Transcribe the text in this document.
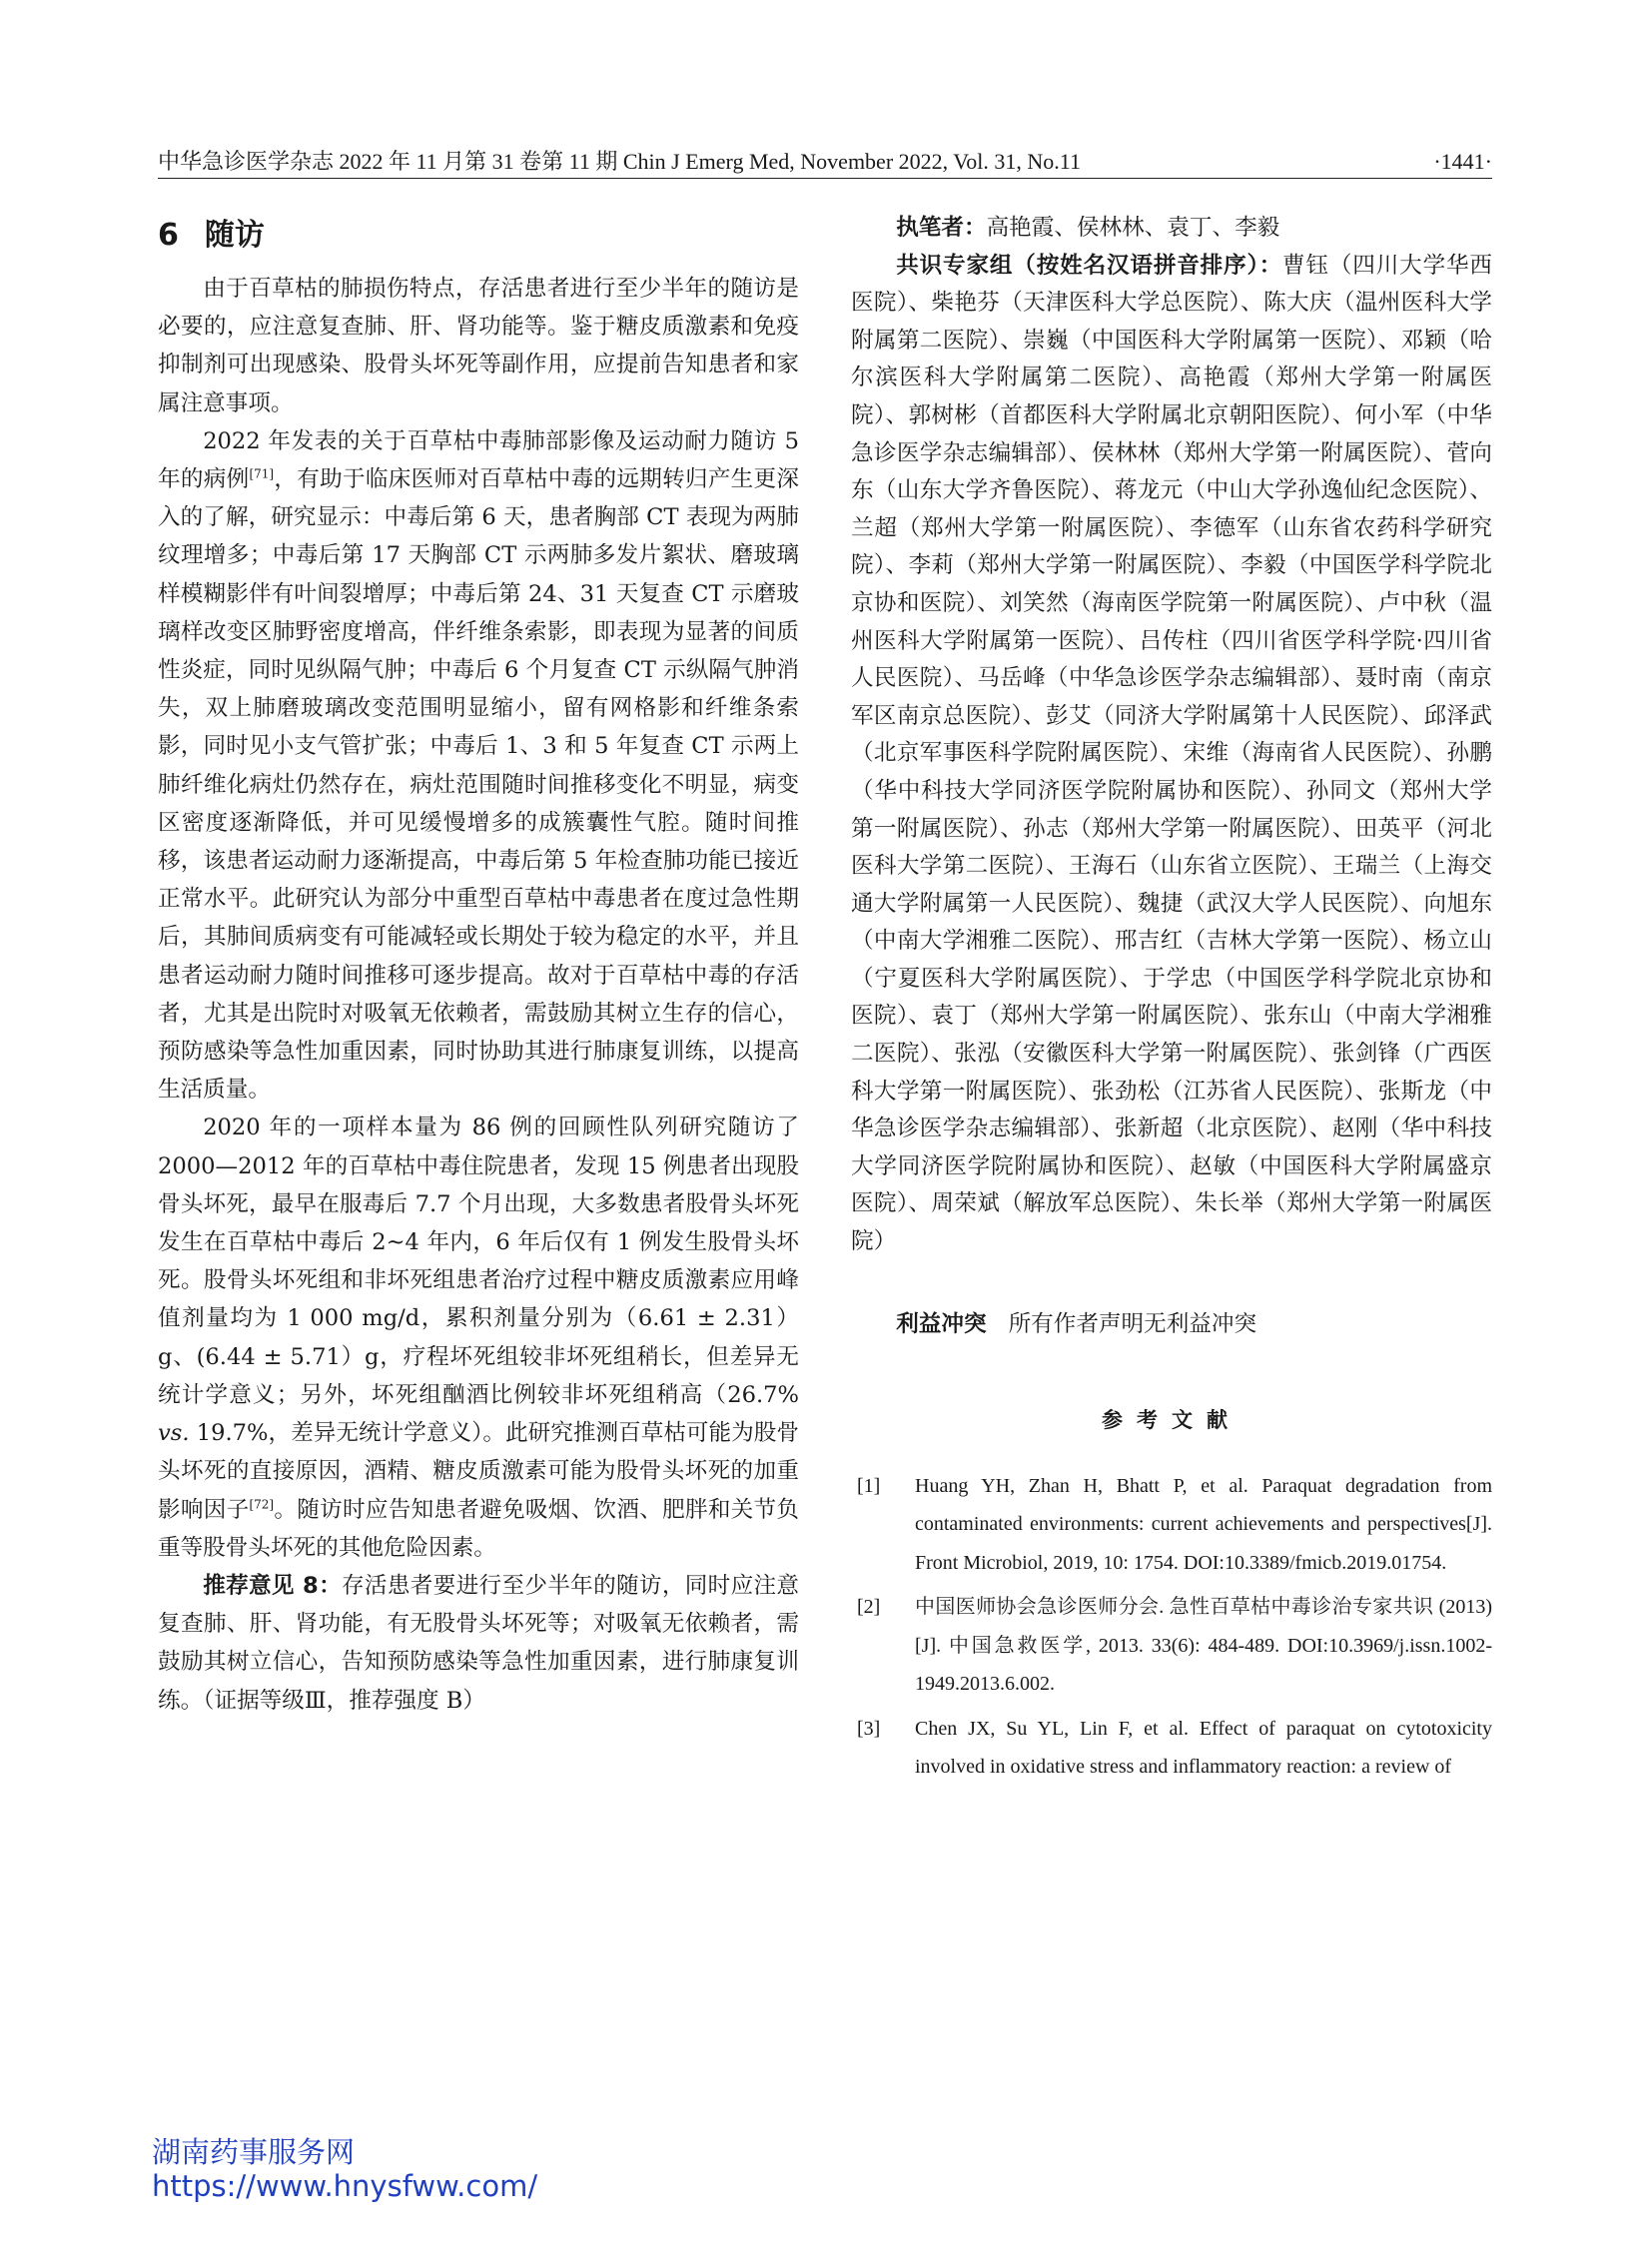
中华急诊医学杂志 2022 年 11 月第 31 卷第 11 期 Chin J Emerg Med, November 2022, Vol. 31, No.11	·1441·
6 随访

由于百草枯的肺损伤特点，存活患者进行至少半年的随访是必要的，应注意复查肺、肝、肾功能等。鉴于糖皮质激素和免疫抑制剂可出现感染、股骨头坏死等副作用，应提前告知患者和家属注意事项。

2022 年发表的关于百草枯中毒肺部影像及运动耐力随访 5 年的病例[71]，有助于临床医师对百草枯中毒的远期转归产生更深入的了解，研究显示：中毒后第 6 天，患者胸部 CT 表现为两肺纹理增多；中毒后第 17 天胸部 CT 示两肺多发片絮状、磨玻璃样模糊影伴有叶间裂增厚；中毒后第 24、31 天复查 CT 示磨玻璃样改变区肺野密度增高，伴纤维条索影，即表现为显著的间质性炎症，同时见纵隔气肿；中毒后 6 个月复查 CT 示纵隔气肿消失，双上肺磨玻璃改变范围明显缩小，留有网格影和纤维条索影，同时见小支气管扩张；中毒后 1、3 和 5 年复查 CT 示两上肺纤维化病灶仍然存在，病灶范围随时间推移变化不明显，病变区密度逐渐降低，并可见缓慢增多的成簇囊性气腔。随时间推移，该患者运动耐力逐渐提高，中毒后第 5 年检查肺功能已接近正常水平。此研究认为部分中重型百草枯中毒患者在度过急性期后，其肺间质病变有可能减轻或长期处于较为稳定的水平，并且患者运动耐力随时间推移可逐步提高。故对于百草枯中毒的存活者，尤其是出院时对吸氧无依赖者，需鼓励其树立生存的信心，预防感染等急性加重因素，同时协助其进行肺康复训练，以提高生活质量。

2020 年的一项样本量为 86 例的回顾性队列研究随访了 2000—2012 年的百草枯中毒住院患者，发现 15 例患者出现股骨头坏死，最早在服毒后 7.7 个月出现，大多数患者股骨头坏死发生在百草枯中毒后 2~4 年内，6 年后仅有 1 例发生股骨头坏死。股骨头坏死组和非坏死组患者治疗过程中糖皮质激素应用峰值剂量均为 1 000 mg/d，累积剂量分别为（6.61 ± 2.31）g、(6.44 ± 5.71）g，疗程坏死组较非坏死组稍长，但差异无统计学意义；另外，坏死组酗酒比例较非坏死组稍高（26.7% vs. 19.7%，差异无统计学意义）。此研究推测百草枯可能为股骨头坏死的直接原因，酒精、糖皮质激素可能为股骨头坏死的加重影响因子[72]。随访时应告知患者避免吸烟、饮酒、肥胖和关节负重等股骨头坏死的其他危险因素。

推荐意见 8：存活患者要进行至少半年的随访，同时应注意复查肺、肝、肾功能，有无股骨头坏死等；对吸氧无依赖者，需鼓励其树立信心，告知预防感染等急性加重因素，进行肺康复训练。（证据等级Ⅲ，推荐强度 B）

执笔者：高艳霞、侯林林、袁丁、李毅

共识专家组（按姓名汉语拼音排序）：曹钰（四川大学华西医院）、柴艳芬（天津医科大学总医院）、陈大庆（温州医科大学附属第二医院）、崇巍（中国医科大学附属第一医院）、邓颖（哈尔滨医科大学附属第二医院）、高艳霞（郑州大学第一附属医院）、郭树彬（首都医科大学附属北京朝阳医院）、何小军（中华急诊医学杂志编辑部）、侯林林（郑州大学第一附属医院）、菅向东（山东大学齐鲁医院）、蒋龙元（中山大学孙逸仙纪念医院）、兰超（郑州大学第一附属医院）、李德军（山东省农药科学研究院）、李莉（郑州大学第一附属医院）、李毅（中国医学科学院北京协和医院）、刘笑然（海南医学院第一附属医院）、卢中秋（温州医科大学附属第一医院）、吕传柱（四川省医学科学院·四川省人民医院）、马岳峰（中华急诊医学杂志编辑部）、聂时南（南京军区南京总医院）、彭艾（同济大学附属第十人民医院）、邱泽武（北京军事医科学院附属医院）、宋维（海南省人民医院）、孙鹏（华中科技大学同济医学院附属协和医院）、孙同文（郑州大学第一附属医院）、孙志（郑州大学第一附属医院）、田英平（河北医科大学第二医院）、王海石（山东省立医院）、王瑞兰（上海交通大学附属第一人民医院）、魏捷（武汉大学人民医院）、向旭东（中南大学湘雅二医院）、邢吉红（吉林大学第一医院）、杨立山（宁夏医科大学附属医院）、于学忠（中国医学科学院北京协和医院）、袁丁（郑州大学第一附属医院）、张东山（中南大学湘雅二医院）、张泓（安徽医科大学第一附属医院）、张剑锋（广西医科大学第一附属医院）、张劲松（江苏省人民医院）、张斯龙（中华急诊医学杂志编辑部）、张新超（北京医院）、赵刚（华中科技大学同济医学院附属协和医院）、赵敏（中国医科大学附属盛京医院）、周荣斌（解放军总医院）、朱长举（郑州大学第一附属医院）

利益冲突 所有作者声明无利益冲突
参考文献
[1] Huang YH, Zhan H, Bhatt P, et al. Paraquat degradation from contaminated environments: current achievements and perspectives[J]. Front Microbiol, 2019, 10: 1754. DOI:10.3389/fmicb.2019.01754.
[2] 中国医师协会急诊医师分会. 急性百草枯中毒诊治专家共识 (2013)[J]. 中国急救医学, 2013. 33(6): 484-489. DOI:10.3969/j.issn.1002-1949.2013.6.002.
[3] Chen JX, Su YL, Lin F, et al. Effect of paraquat on cytotoxicity involved in oxidative stress and inflammatory reaction: a review of
湖南药事服务网
https://www.hnysfww.com/
